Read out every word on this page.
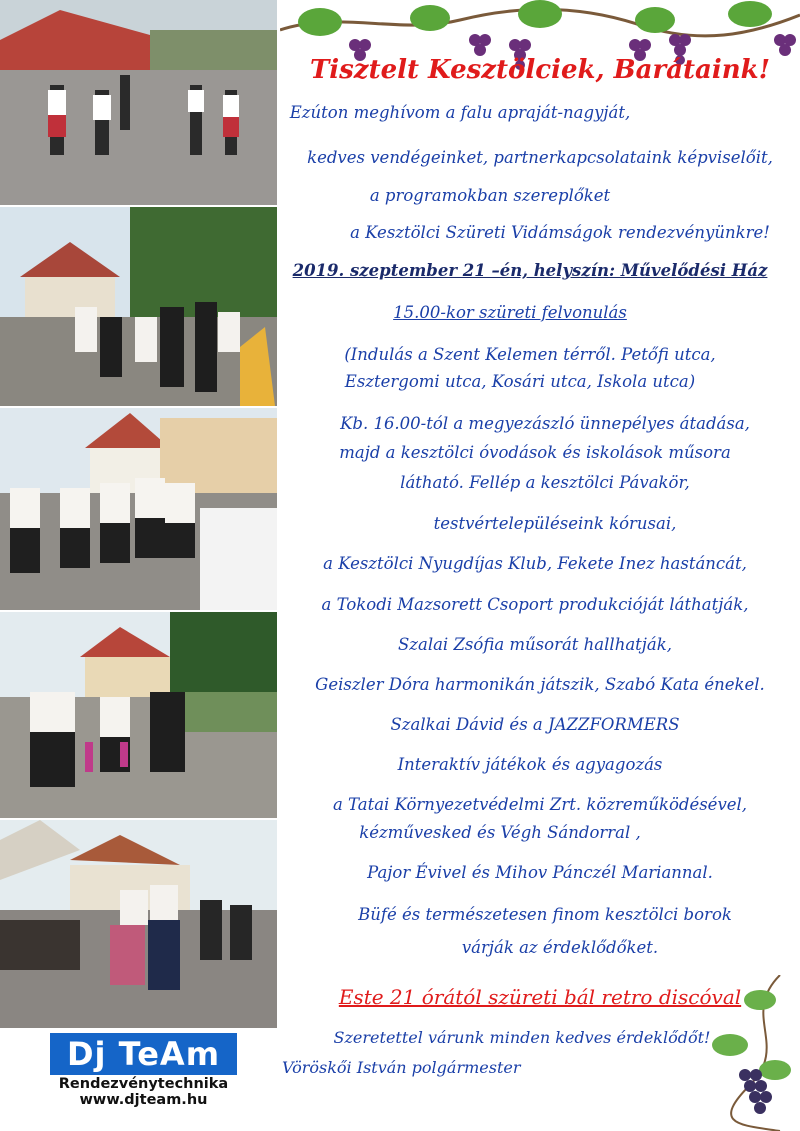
Tisztelt Kesztölciek, Barátaink!
Ezúton meghívom a falu apraját-nagyját,
kedves vendégeinket, partnerkapcsolataink képviselőit,
a programokban szereplőket
a Kesztölci Szüreti Vidámságok rendezvényünkre!
2019. szeptember 21 –én, helyszín: Művelődési Ház
15.00-kor szüreti felvonulás
(Indulás a Szent Kelemen térről. Petőfi utca,
Esztergomi utca, Kosári utca, Iskola utca)
Kb. 16.00-tól a megyezászló ünnepélyes átadása,
majd a kesztölci óvodások és iskolások műsora
látható. Fellép a kesztölci Pávakör,
testvértelepüléseink kórusai,
a Kesztölci Nyugdíjas Klub, Fekete Inez hastáncát,
a Tokodi Mazsorett Csoport produkcióját láthatják,
Szalai Zsófia műsorát hallhatják,
Geiszler Dóra harmonikán játszik, Szabó Kata énekel.
Szalkai Dávid és a JAZZFORMERS
Interaktív játékok és agyagozás
a Tatai Környezetvédelmi Zrt. közreműködésével,
kézművesked és Végh Sándorral ,
Pajor Évivel és Mihov Pánczél Mariannal.
Büfé és természetesen finom kesztölci borok
várják az érdeklődőket.
Este 21 órától szüreti bál retro discóval
Szeretettel várunk minden kedves érdeklődőt!
Vöröskői István polgármester
Dj TeAm
Rendezvénytechnika
www.djteam.hu
